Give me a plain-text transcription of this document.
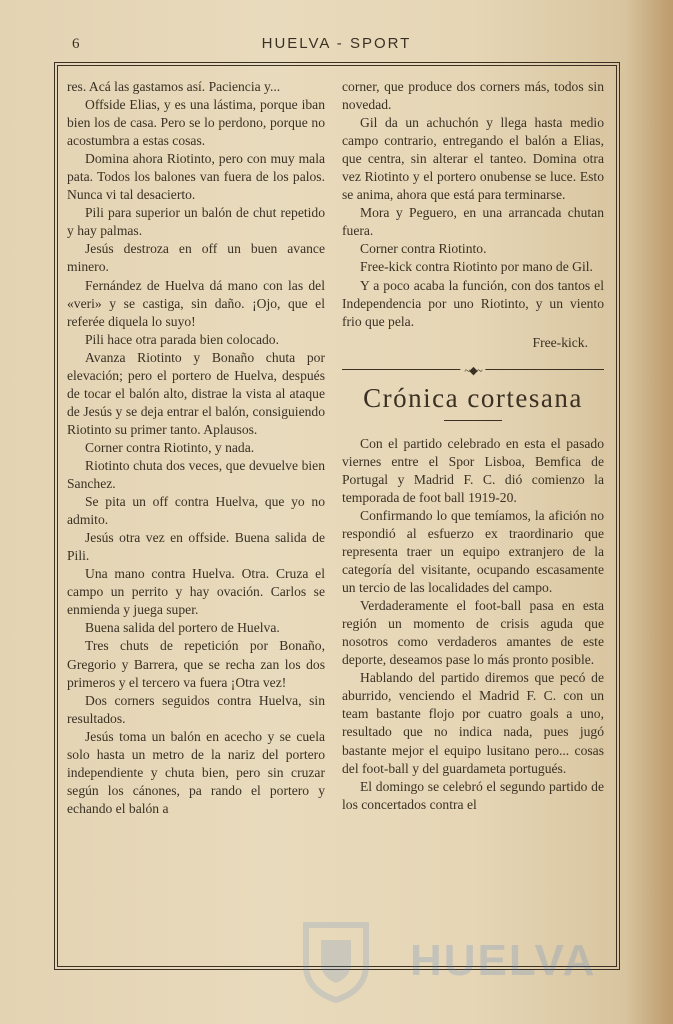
6	HUELVA - SPORT

res. Acá las gastamos así. Paciencia y...

Offside Elias, y es una lástima, porque iban bien los de casa. Pero se lo perdono, porque no acostumbra a estas cosas.

Domina ahora Riotinto, pero con muy mala pata. Todos los balones van fuera de los palos. Nunca vi tal desacierto.

Pili para superior un balón de chut repetido y hay palmas.

Jesús destroza en off un buen avance minero.

Fernández de Huelva dá mano con las del «veri» y se castiga, sin daño. ¡Ojo, que el referée diquela lo suyo!

Pili hace otra parada bien colocado.

Avanza Riotinto y Bonaño chuta por elevación; pero el portero de Huelva, después de tocar el balón alto, distrae la vista al ataque de Jesús y se deja entrar el balón, consiguiendo Riotinto su primer tanto. Aplausos.

Corner contra Riotinto, y nada.

Riotinto chuta dos veces, que devuelve bien Sanchez.

Se pita un off contra Huelva, que yo no admito.

Jesús otra vez en offside. Buena salida de Pili.

Una mano contra Huelva. Otra. Cruza el campo un perrito y hay ovación. Carlos se enmienda y juega super.

Buena salida del portero de Huelva.

Tres chuts de repetición por Bonaño, Gregorio y Barrera, que se recha zan los dos primeros y el tercero va fuera ¡Otra vez!

Dos corners seguidos contra Huelva, sin resultados.

Jesús toma un balón en acecho y se cuela solo hasta un metro de la nariz del portero independiente y chuta bien, pero sin cruzar según los cánones, pa rando el portero y echando el balón a

corner, que produce dos corners más, todos sin novedad.

Gil da un achuchón y llega hasta medio campo contrario, entregando el balón a Elias, que centra, sin alterar el tanteo. Domina otra vez Riotinto y el portero onubense se luce. Esto se anima, ahora que está para terminarse.

Mora y Peguero, en una arrancada chutan fuera.

Corner contra Riotinto.

Free-kick contra Riotinto por mano de Gil.

Y a poco acaba la función, con dos tantos el Independencia por uno Riotinto, y un viento frio que pela.

Free-kick.
~◆~
Crónica cortesana

Con el partido celebrado en esta el pasado viernes entre el Spor Lisboa, Bemfica de Portugal y Madrid F. C. dió comienzo la temporada de foot ball 1919-20.

Confirmando lo que temíamos, la afición no respondió al esfuerzo ex traordinario que representa traer un equipo extranjero de la categoría del visitante, ocupando escasamente un tercio de las localidades del campo.

Verdaderamente el foot-ball pasa en esta región un momento de crisis aguda que nosotros como verdaderos amantes de este deporte, deseamos pase lo más pronto posible.

Hablando del partido diremos que pecó de aburrido, venciendo el Madrid F. C. con un team bastante flojo por cuatro goals a uno, resultado que no indica nada, pues jugó bastante mejor el equipo lusitano pero... cosas del foot-ball y del guardameta portugués.

El domingo se celebró el segundo partido de los concertados contra el

HUELVA
